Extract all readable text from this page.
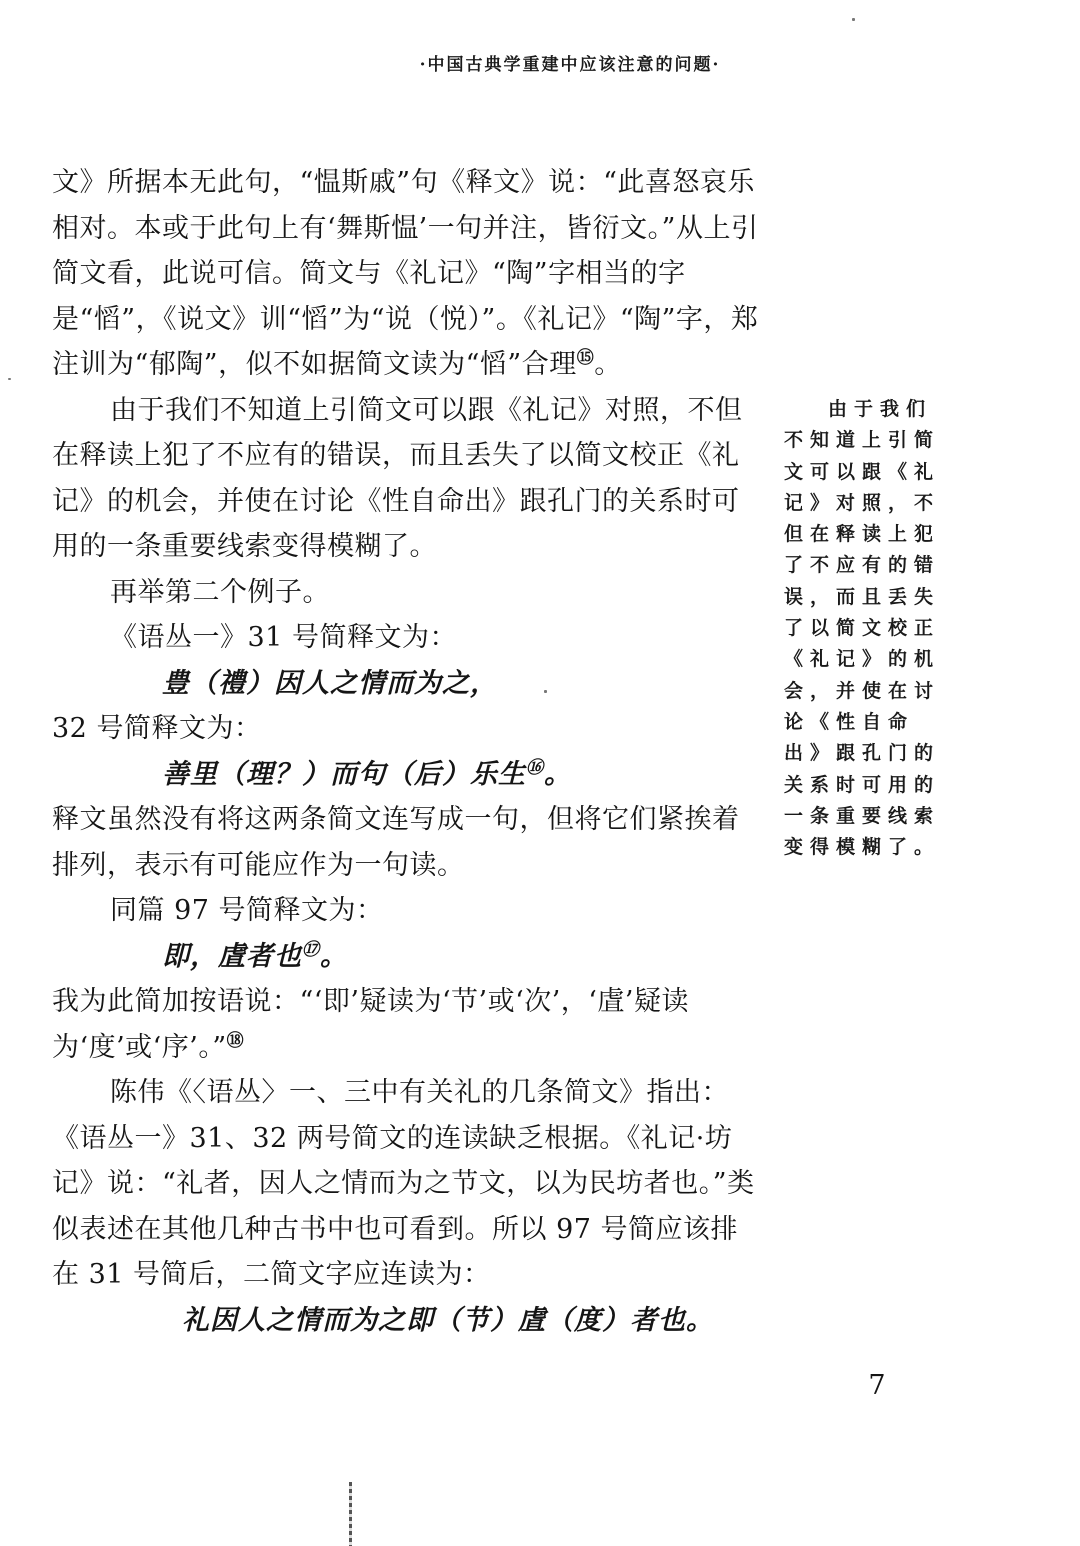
·中国古典学重建中应该注意的问题·

文》所据本无此句，“愠斯戚”句《释文》说：“此喜怒哀乐相对。本或于此句上有‘舞斯愠’一句并注，皆衍文。”从上引简文看，此说可信。简文与《礼记》“陶”字相当的字是“慆”，《说文》训“慆”为“说（悦）”。《礼记》“陶”字，郑注训为“郁陶”，似不如据简文读为“慆”合理⑮。

由于我们不知道上引简文可以跟《礼记》对照，不但在释读上犯了不应有的错误，而且丢失了以简文校正《礼记》的机会，并使在讨论《性自命出》跟孔门的关系时可用的一条重要线索变得模糊了。

再举第二个例子。

《语丛一》31 号简释文为：

豊（禮）因人之情而为之，

32 号简释文为：

善里（理？）而句（后）乐生⑯。

释文虽然没有将这两条简文连写成一句，但将它们紧挨着排列，表示有可能应作为一句读。

同篇 97 号简释文为：

即，虘者也⑰。

我为此简加按语说：“‘即’疑读为‘节’或‘次’，‘虘’疑读为‘度’或‘序’。”⑱

陈伟《〈语丛〉一、三中有关礼的几条简文》指出：《语丛一》31、32 两号简文的连读缺乏根据。《礼记·坊记》说：“礼者，因人之情而为之节文，以为民坊者也。”类似表述在其他几种古书中也可看到。所以 97 号简应该排在 31 号简后，二简文字应连读为：

礼因人之情而为之即（节）虘（度）者也。

由于我们不知道上引简文可以跟《礼记》对照，不但在释读上犯了不应有的错误，而且丢失了以简文校正《礼记》的机会，并使在讨论《性自命出》跟孔门的关系时可用的一条重要线索变得模糊了。

7
